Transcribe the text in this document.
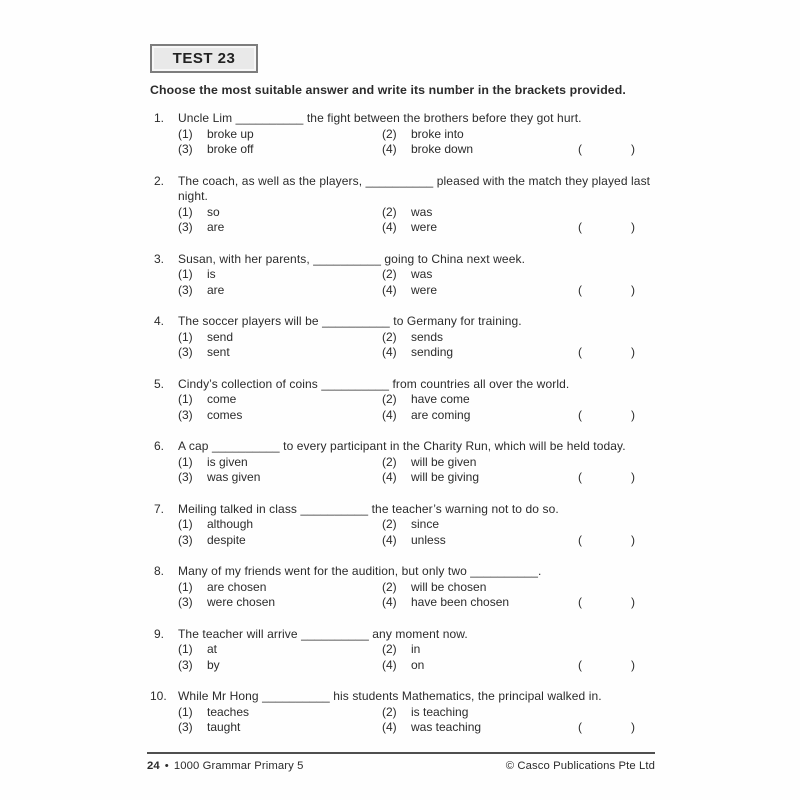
TEST 23

Choose the most suitable answer and write its number in the brackets provided.

1. Uncle Lim __________ the fight between the brothers before they got hurt.
(1)	broke up	(2)	broke into
(3)	broke off	(4)	broke down	(	)
2. The coach, as well as the players, __________ pleased with the match they played last night.
(1)	so	(2)	was
(3)	are	(4)	were	(	)
3. Susan, with her parents, __________ going to China next week.
(1)	is	(2)	was
(3)	are	(4)	were	(	)
4. The soccer players will be __________ to Germany for training.
(1)	send	(2)	sends
(3)	sent	(4)	sending	(	)
5. Cindy’s collection of coins __________ from countries all over the world.
(1)	come	(2)	have come
(3)	comes	(4)	are coming	(	)
6. A cap __________ to every participant in the Charity Run, which will be held today.
(1)	is given	(2)	will be given
(3)	was given	(4)	will be giving	(	)
7. Meiling talked in class __________ the teacher’s warning not to do so.
(1)	although	(2)	since
(3)	despite	(4)	unless	(	)
8. Many of my friends went for the audition, but only two __________.
(1)	are chosen	(2)	will be chosen
(3)	were chosen	(4)	have been chosen	(	)
9. The teacher will arrive __________ any moment now.
(1)	at	(2)	in
(3)	by	(4)	on	(	)
10. While Mr Hong __________ his students Mathematics, the principal walked in.
(1)	teaches	(2)	is teaching
(3)	taught	(4)	was teaching	(	)
24 • 1000 Grammar Primary 5	© Casco Publications Pte Ltd
